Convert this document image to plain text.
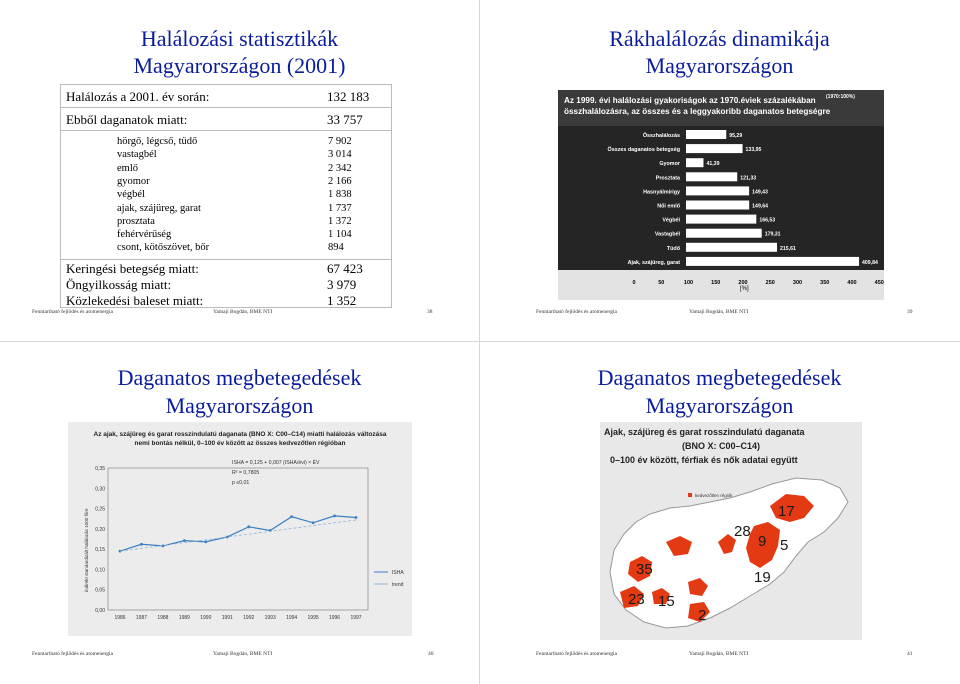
Halálozási statisztikák
Magyarországon (2001)
Halálozás a 2001. év során:	132 183
Ebből daganatok miatt:	33 757
hörgő, légcső, tüdő	7 902
vastagbél	3 014
emlő	2 342
gyomor	2 166
végbél	1 838
ajak, szájüreg, garat	1 737
prosztata	1 372
fehérvérűség	1 104
csont, kötőszövet, bőr	894
Keringési betegség miatt:	67 423
Öngyilkosság miatt:	3 979
Közlekedési baleset miatt:	1 352
Fenntartható fejlődés és atomenergia	Yamaji Bogdán, BME NTI	38
Rákhalálozás dinamikája
Magyarországon
Az 1999. évi halálozási gyakoriságok az 1970.éviek százalékában
összhalálozásra, az összes és a leggyakoribb daganatos betegségre
(1970:100%)
Összhalálozás	95,29
Összes daganatos betegség	133,95
Gyomor	41,39
Prosztata	121,33
Hasnyálmirigy	149,43
Női emlő	149,64
Végbél	166,53
Vastagbél	179,31
Tüdő	215,61
Ajak, szájüreg, garat	409,84
0	50	100	150	200	250	300	350	400	450
[%]
Fenntartható fejlődés és atomenergia	Yamaji Bogdán, BME NTI	39
Daganatos megbetegedések
Magyarországon
Az ajak, szájüreg és garat rosszindulatú daganata (BNO X: C00–C14) miatti halálozás változása
nemi bontás nélkül, 0–100 év között az összes kedvezőtlen régióban
ISHA = 0,125 + 0,007 (ISHA/évi) × ÉV
R² = 0,7805
p ≤0,01
indirekt standardizált halálozás 1000 főre
0,00
0,05
0,10
0,15
0,20
0,25
0,30
0,35
1986 1987 1988 1989 1990 1991 1992 1993 1994 1995 1996 1997
ISHA
trend
Fenntartható fejlődés és atomenergia	Yamaji Bogdán, BME NTI	40
Daganatos megbetegedések
Magyarországon
Ajak, szájüreg és garat rosszindulatú daganata
(BNO X: C00–C14)
0–100 év között, férfiak és nők adatai együtt
kedvezőtlen régiók
17
28
9 5
35	19
23 15
2
Fenntartható fejlődés és atomenergia	Yamaji Bogdán, BME NTI	41
